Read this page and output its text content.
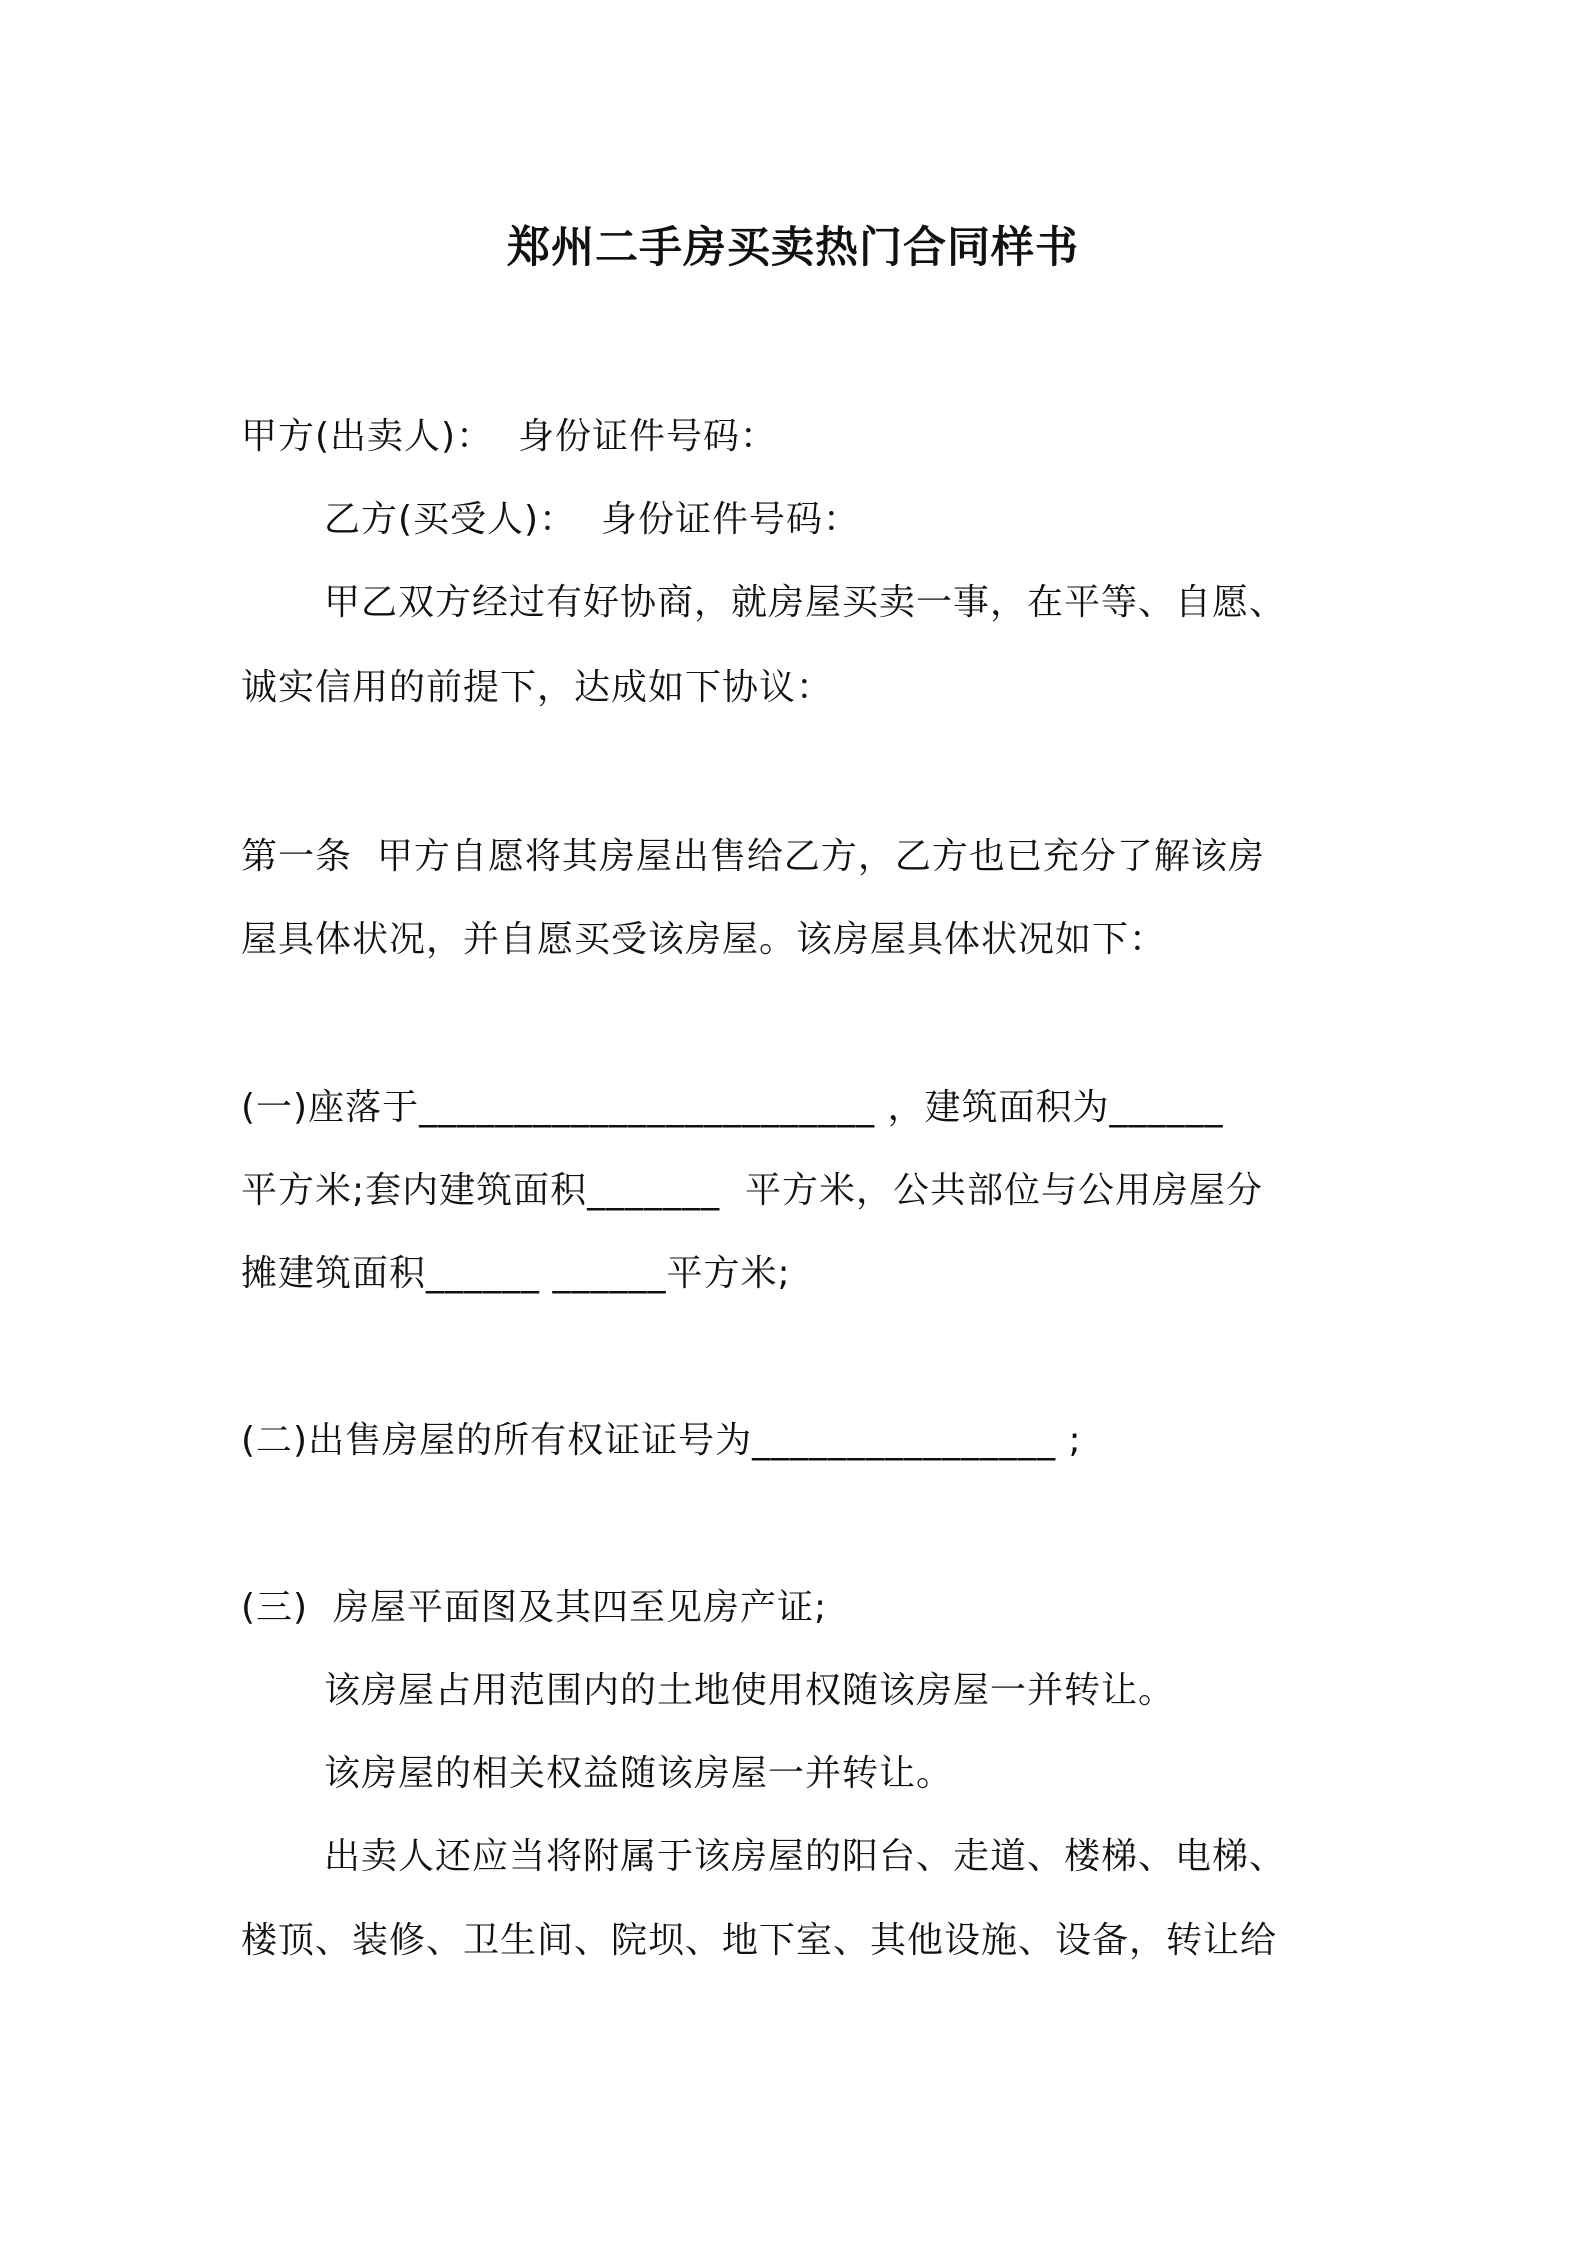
郑州二手房买卖热门合同样书
甲方(出卖人)：  身份证件号码：
乙方(买受人)：  身份证件号码：
甲乙双方经过有好协商，就房屋买卖一事，在平等、自愿、
诚实信用的前提下，达成如下协议：
第一条  甲方自愿将其房屋出售给乙方，乙方也已充分了解该房
屋具体状况，并自愿买受该房屋。该房屋具体状况如下：
(一)座落于________________________ ，建筑面积为______
平方米;套内建筑面积_______  平方米，公共部位与公用房屋分
摊建筑面积______ ______平方米;
(二)出售房屋的所有权证证号为________________ ;
(三)  房屋平面图及其四至见房产证;
该房屋占用范围内的土地使用权随该房屋一并转让。
该房屋的相关权益随该房屋一并转让。
出卖人还应当将附属于该房屋的阳台、走道、楼梯、电梯、
楼顶、装修、卫生间、院坝、地下室、其他设施、设备，转让给
